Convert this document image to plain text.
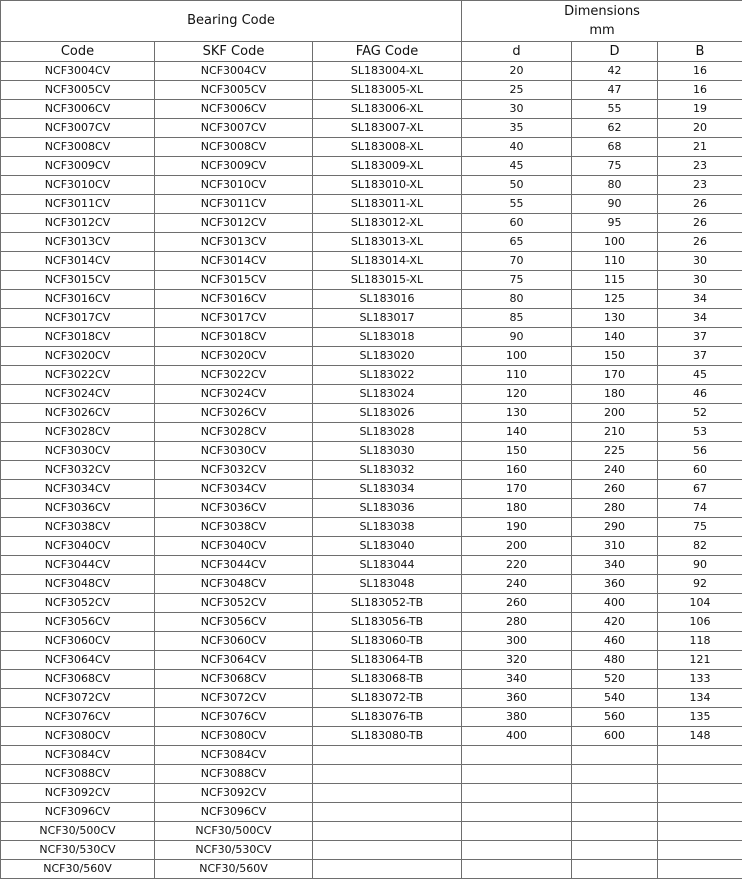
Bearing Code			Dimensions
mm		
Code	SKF Code	FAG Code	d	D	B
NCF3004CV	NCF3004CV	SL183004-XL	20	42	16
NCF3005CV	NCF3005CV	SL183005-XL	25	47	16
NCF3006CV	NCF3006CV	SL183006-XL	30	55	19
NCF3007CV	NCF3007CV	SL183007-XL	35	62	20
NCF3008CV	NCF3008CV	SL183008-XL	40	68	21
NCF3009CV	NCF3009CV	SL183009-XL	45	75	23
NCF3010CV	NCF3010CV	SL183010-XL	50	80	23
NCF3011CV	NCF3011CV	SL183011-XL	55	90	26
NCF3012CV	NCF3012CV	SL183012-XL	60	95	26
NCF3013CV	NCF3013CV	SL183013-XL	65	100	26
NCF3014CV	NCF3014CV	SL183014-XL	70	110	30
NCF3015CV	NCF3015CV	SL183015-XL	75	115	30
NCF3016CV	NCF3016CV	SL183016	80	125	34
NCF3017CV	NCF3017CV	SL183017	85	130	34
NCF3018CV	NCF3018CV	SL183018	90	140	37
NCF3020CV	NCF3020CV	SL183020	100	150	37
NCF3022CV	NCF3022CV	SL183022	110	170	45
NCF3024CV	NCF3024CV	SL183024	120	180	46
NCF3026CV	NCF3026CV	SL183026	130	200	52
NCF3028CV	NCF3028CV	SL183028	140	210	53
NCF3030CV	NCF3030CV	SL183030	150	225	56
NCF3032CV	NCF3032CV	SL183032	160	240	60
NCF3034CV	NCF3034CV	SL183034	170	260	67
NCF3036CV	NCF3036CV	SL183036	180	280	74
NCF3038CV	NCF3038CV	SL183038	190	290	75
NCF3040CV	NCF3040CV	SL183040	200	310	82
NCF3044CV	NCF3044CV	SL183044	220	340	90
NCF3048CV	NCF3048CV	SL183048	240	360	92
NCF3052CV	NCF3052CV	SL183052-TB	260	400	104
NCF3056CV	NCF3056CV	SL183056-TB	280	420	106
NCF3060CV	NCF3060CV	SL183060-TB	300	460	118
NCF3064CV	NCF3064CV	SL183064-TB	320	480	121
NCF3068CV	NCF3068CV	SL183068-TB	340	520	133
NCF3072CV	NCF3072CV	SL183072-TB	360	540	134
NCF3076CV	NCF3076CV	SL183076-TB	380	560	135
NCF3080CV	NCF3080CV	SL183080-TB	400	600	148
NCF3084CV	NCF3084CV				
NCF3088CV	NCF3088CV				
NCF3092CV	NCF3092CV				
NCF3096CV	NCF3096CV				
NCF30/500CV	NCF30/500CV				
NCF30/530CV	NCF30/530CV				
NCF30/560V	NCF30/560V				
